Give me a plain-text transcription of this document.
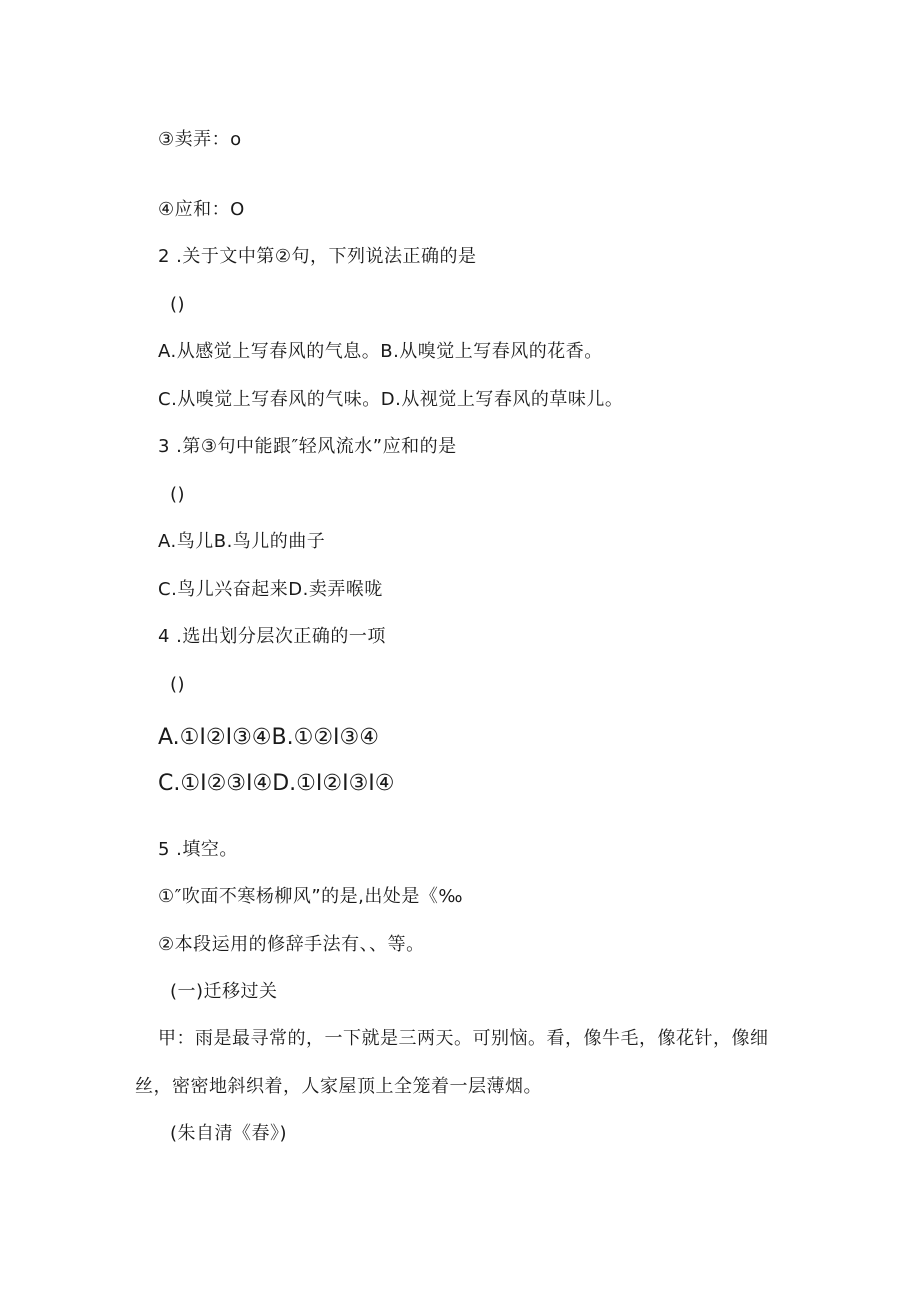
③卖弄：o
④应和：O
2 .关于文中第②句，下列说法正确的是
()
A.从感觉上写春风的气息。B.从嗅觉上写春风的花香。
C.从嗅觉上写春风的气味。D.从视觉上写春风的草味儿。
3 .第③句中能跟″轻风流水”应和的是
()
A.鸟儿B.鸟儿的曲子
C.鸟儿兴奋起来D.卖弄喉咙
4 .选出划分层次正确的一项
()
A.①I②I③④B.①②I③④
C.①I②③I④D.①I②I③I④
5 .填空。
①″吹面不寒杨柳风”的是,出处是《‰
②本段运用的修辞手法有、、等。
(一)迁移过关
甲：雨是最寻常的，一下就是三两天。可别恼。看，像牛毛，像花针，像细
丝，密密地斜织着，人家屋顶上全笼着一层薄烟。
(朱自清《春》)
